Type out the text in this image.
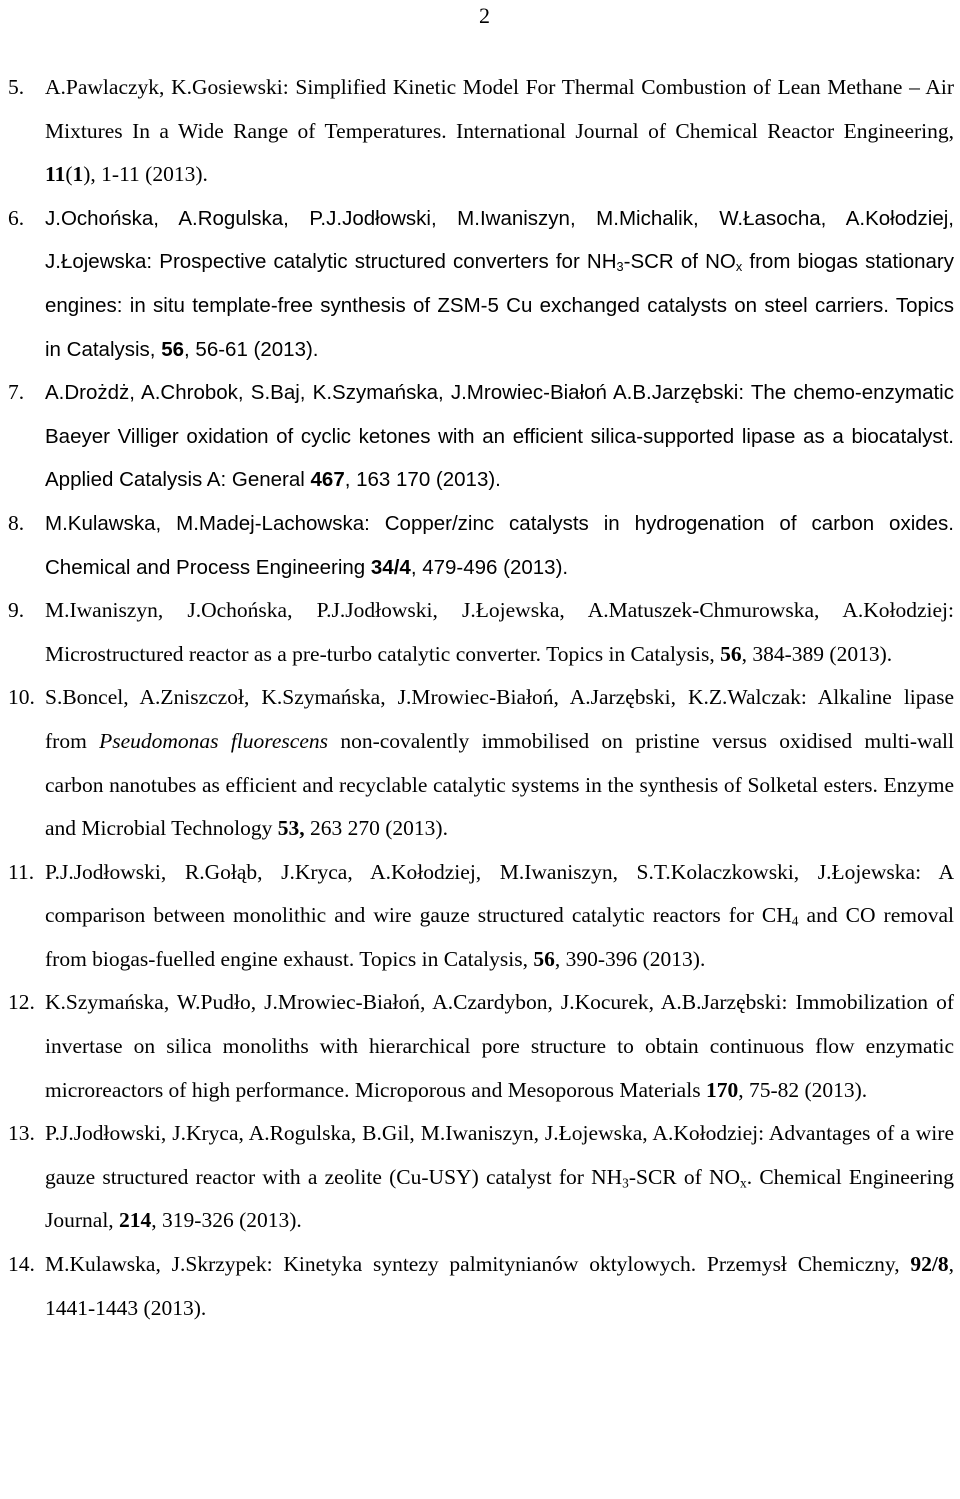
2
5. A.Pawlaczyk, K.Gosiewski: Simplified Kinetic Model For Thermal Combustion of Lean Methane – Air Mixtures In a Wide Range of Temperatures. International Journal of Chemical Reactor Engineering, 11(1), 1-11 (2013).
6.	J.Ochońska, A.Rogulska, P.J.Jodłowski, M.Iwaniszyn, M.Michalik, W.Łasocha, A.Kołodziej, J.Łojewska: Prospective catalytic structured converters for $NH_3$-SCR of $NO_x$ from biogas stationary engines: in situ template-free synthesis of ZSM-5 Cu exchanged catalysts on steel carriers. Topics in Catalysis, 56, 56-61 (2013).
7.	A.Drożdż, A.Chrobok, S.Baj, K.Szymańska, J.Mrowiec-Białoń A.B.Jarzębski: The chemo-enzymatic Baeyer Villiger oxidation of cyclic ketones with an efficient silica-supported lipase as a biocatalyst. Applied Catalysis A: General 467, 163 170 (2013).
8.	M.Kulawska, M.Madej-Lachowska: Copper/zinc catalysts in hydrogenation of carbon oxides. Chemical and Process Engineering 34/4, 479-496 (2013).
9. M.Iwaniszyn, J.Ochońska, P.J.Jodłowski, J.Łojewska, A.Matuszek-Chmurowska, A.Kołodziej: Microstructured reactor as a pre-turbo catalytic converter. Topics in Catalysis, 56, 384-389 (2013).
10. S.Boncel, A.Zniszczoł, K.Szymańska, J.Mrowiec-Białoń, A.Jarzębski, K.Z.Walczak: Alkaline lipase from Pseudomonas fluorescens non-covalently immobilised on pristine versus oxidised multi-wall carbon nanotubes as efficient and recyclable catalytic systems in the synthesis of Solketal esters. Enzyme and Microbial Technology 53, 263 270 (2013).
11. P.J.Jodłowski, R.Gołąb, J.Kryca, A.Kołodziej, M.Iwaniszyn, S.T.Kolaczkowski, J.Łojewska: A comparison between monolithic and wire gauze structured catalytic reactors for $CH_4$ and CO removal from biogas-fuelled engine exhaust. Topics in Catalysis, 56, 390-396 (2013).
12. K.Szymańska, W.Pudło, J.Mrowiec-Białoń, A.Czardybon, J.Kocurek, A.B.Jarzębski: Immobilization of invertase on silica monoliths with hierarchical pore structure to obtain continuous flow enzymatic microreactors of high performance. Microporous and Mesoporous Materials 170, 75-82 (2013).
13. P.J.Jodłowski, J.Kryca, A.Rogulska, B.Gil, M.Iwaniszyn, J.Łojewska, A.Kołodziej: Advantages of a wire gauze structured reactor with a zeolite (Cu-USY) catalyst for $NH_3$-SCR of $NO_x$. Chemical Engineering Journal, 214, 319-326 (2013).
14. M.Kulawska, J.Skrzypek: Kinetyka syntezy palmitynianów oktylowych. Przemysł Chemiczny, 92/8, 1441-1443 (2013).
